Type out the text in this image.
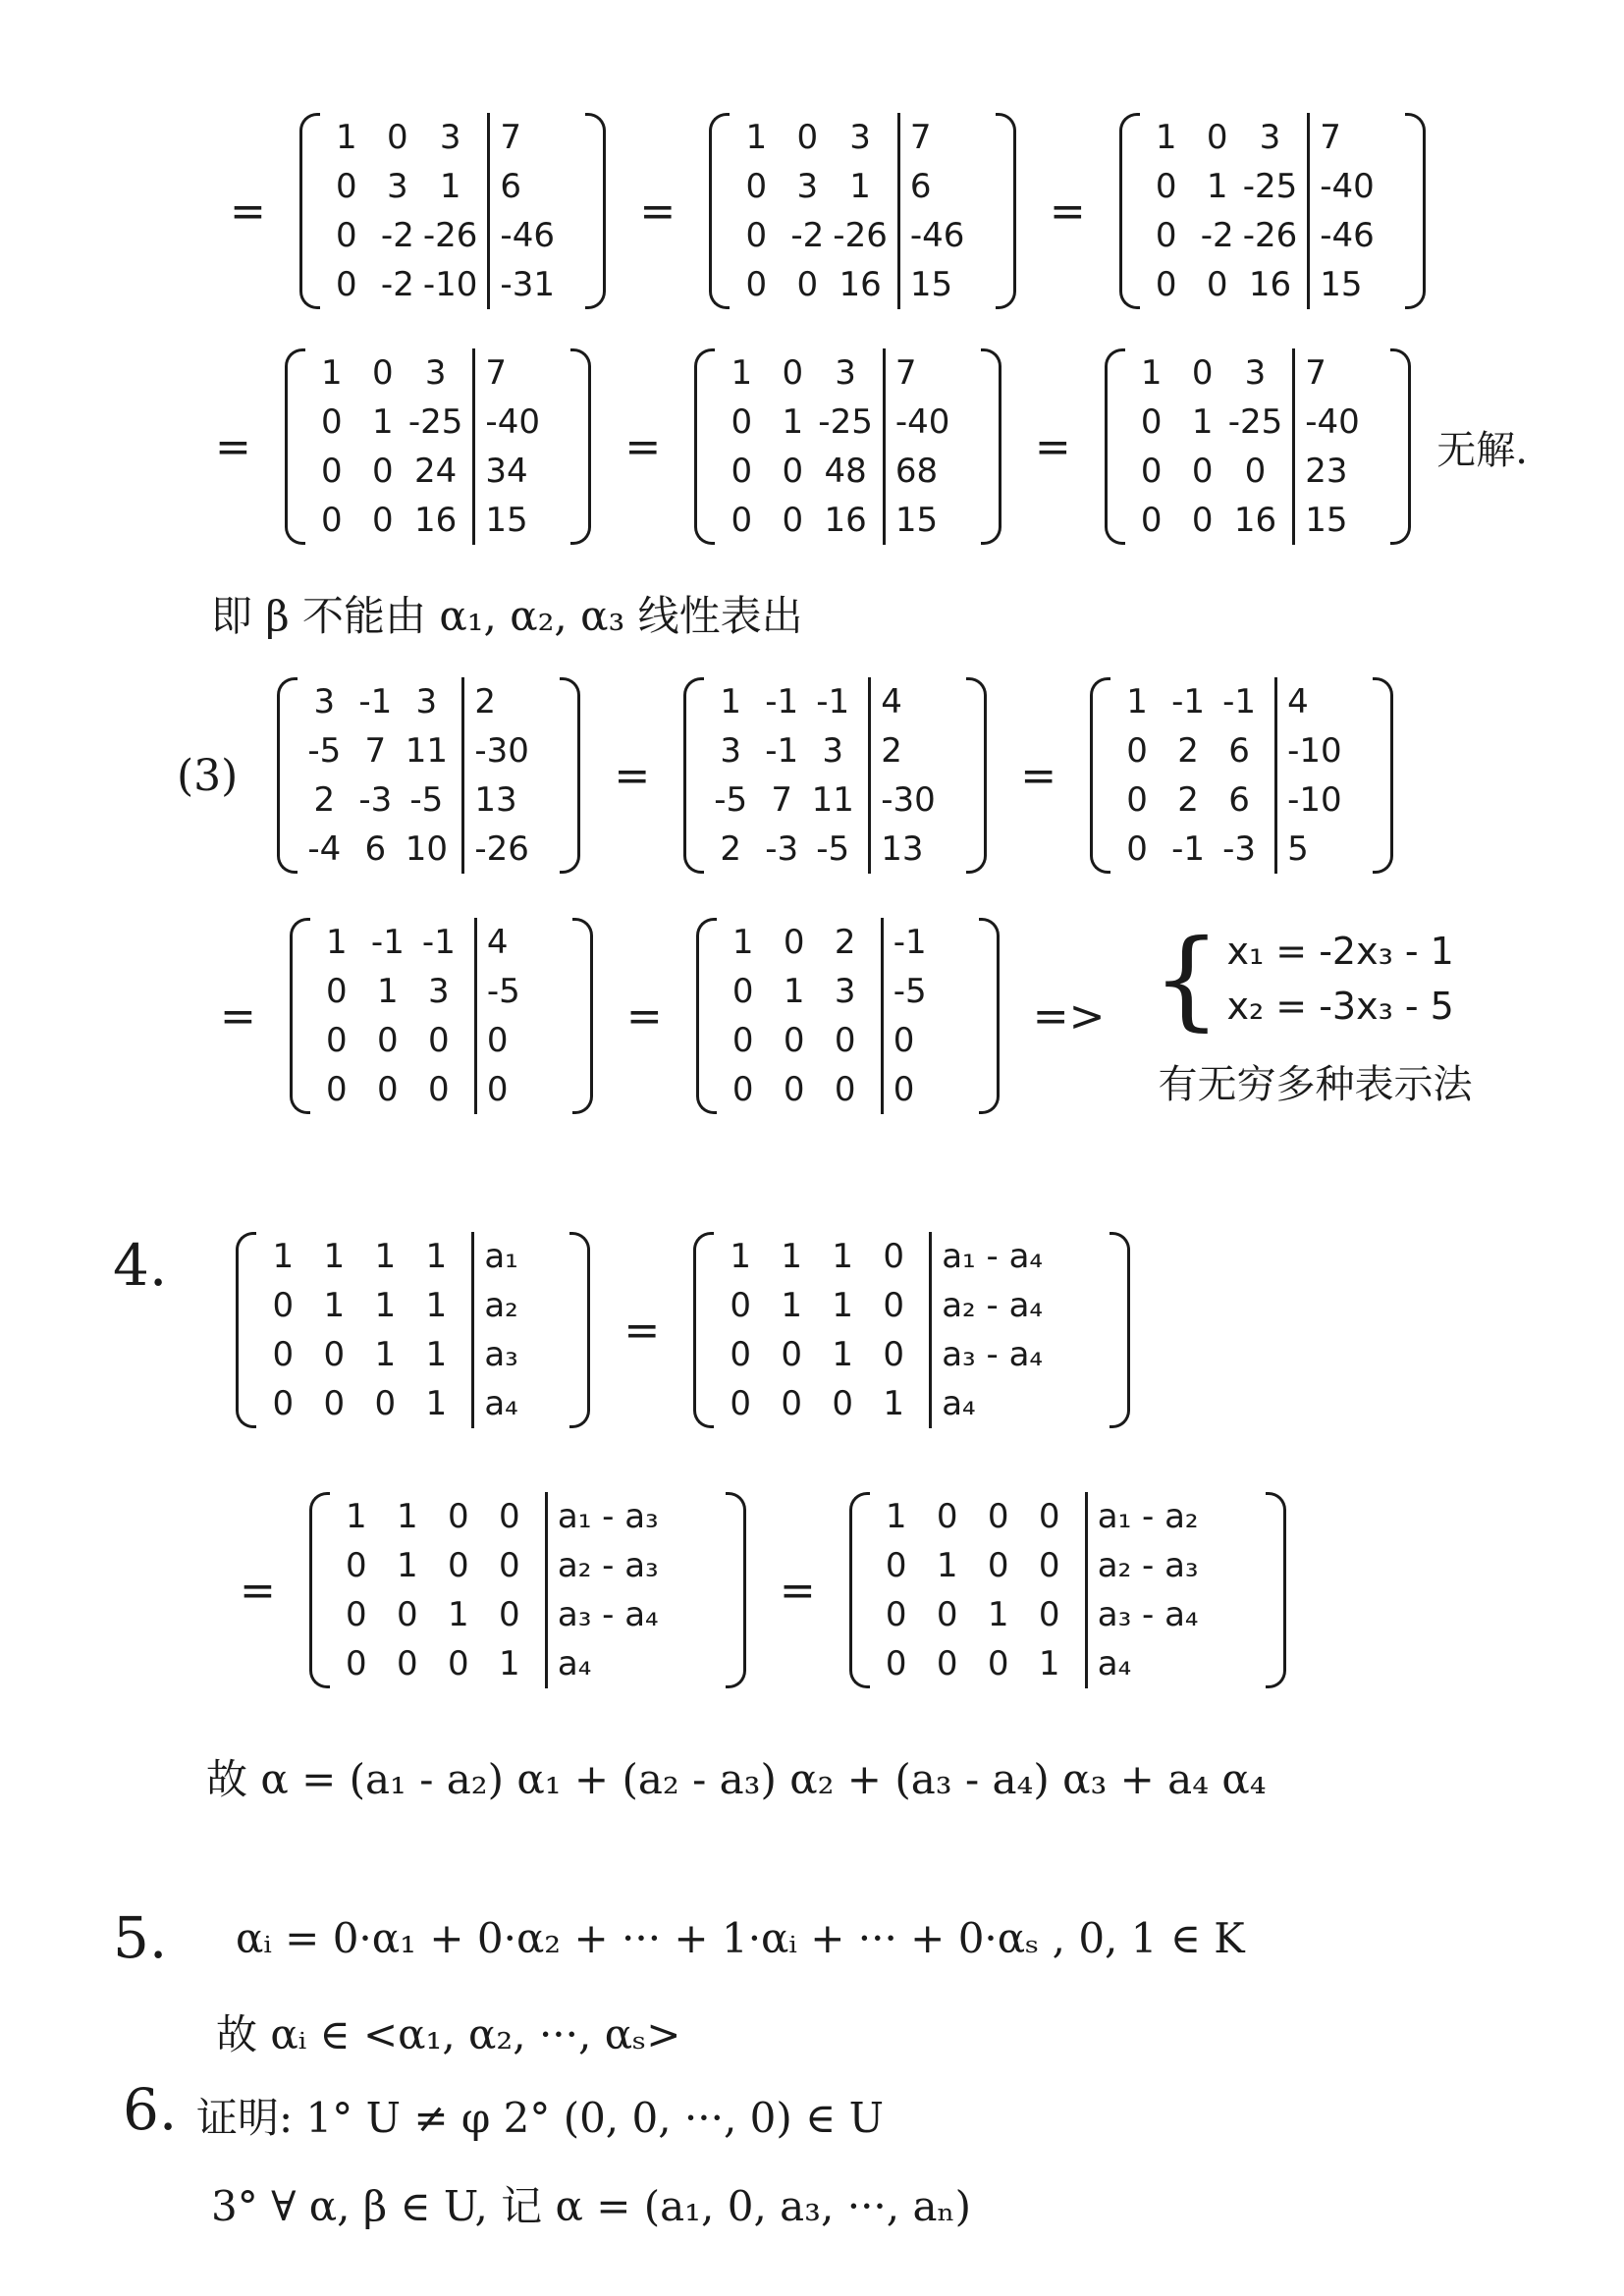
=
1 0 3
0 3 1
0 -2 -26
0 -2 -10
7
6
-46
-31
=
1 0 3
0 3 1
0 -2 -26
0 0 16
7
6
-46
15
=
1 0 3
0 1 -25
0 -2 -26
0 0 16
7
-40
-46
15
=
1 0 3
0 1 -25
0 0 24
0 0 16
7
-40
34
15
=
1 0 3
0 1 -25
0 0 48
0 0 16
7
-40
68
15
=
1 0 3
0 1 -25
0 0 0
0 0 16
7
-40
23
15
无解.
即 β 不能由 α₁, α₂, α₃ 线性表出
(3)
3 -1 3
-5 7 11
2 -3 -5
-4 6 10
2
-30
13
-26
=
1 -1 -1
3 -1 3
-5 7 11
2 -3 -5
4
2
-30
13
=
1 -1 -1
0 2 6
0 2 6
0 -1 -3
4
-10
-10
5
=
1 -1 -1
0 1 3
0 0 0
0 0 0
4
-5
0
0
=
1 0 2
0 1 3
0 0 0
0 0 0
-1
-5
0
0
=> { x₁ = -2x₃ - 1
x₂ = -3x₃ - 5
有无穷多种表示法
4.	1 1 1 1
0 1 1 1
0 0 1 1
0 0 0 1
a₁
a₂
a₃
a₄
=
1 1 1 0
0 1 1 0
0 0 1 0
0 0 0 1
a₁ - a₄
a₂ - a₄
a₃ - a₄
a₄
=
1 1 0 0
0 1 0 0
0 0 1 0
0 0 0 1
a₁ - a₃
a₂ - a₃
a₃ - a₄
a₄
=
1 0 0 0
0 1 0 0
0 0 1 0
0 0 0 1
a₁ - a₂
a₂ - a₃
a₃ - a₄
a₄
故 α = (a₁ - a₂) α₁ + (a₂ - a₃) α₂ + (a₃ - a₄) α₃ + a₄ α₄
5. αᵢ = 0·α₁ + 0·α₂ + ··· + 1·αᵢ + ··· + 0·αₛ , 0, 1 ∈ K
故 αᵢ ∈ <α₁, α₂, ···, αₛ>
6. 证明: 1° U ≠ φ 2° (0, 0, ···, 0) ∈ U
3° ∀ α, β ∈ U, 记 α = (a₁, 0, a₃, ···, aₙ)
